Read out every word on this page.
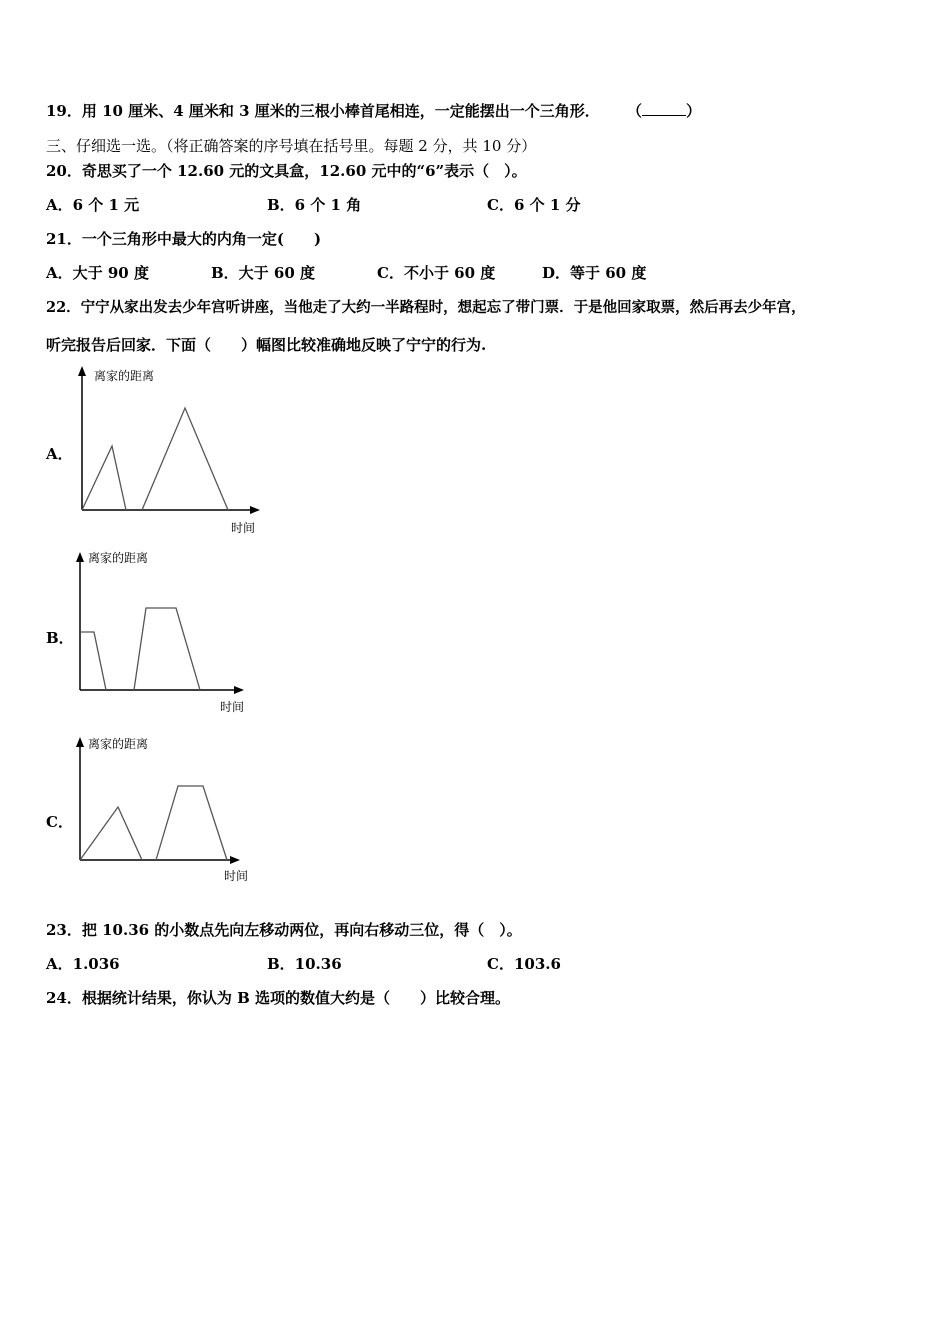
19．用 10 厘米、4 厘米和 3 厘米的三根小棒首尾相连，一定能摆出一个三角形． （	）
三、仔细选一选。（将正确答案的序号填在括号里。每题 2 分，共 10 分）
20．奇思买了一个 12.60 元的文具盒，12.60 元中的“6”表示（　）。
A．6 个 1 元	B．6 个 1 角	C．6 个 1 分
21．一个三角形中最大的内角一定(　　)
A．大于 90 度	B．大于 60 度	C．不小于 60 度	D．等于 60 度
22．宁宁从家出发去少年宫听讲座，当他走了大约一半路程时，想起忘了带门票．于是他回家取票，然后再去少年宫，
听完报告后回家．下面（　　）幅图比较准确地反映了宁宁的行为.
A．
离家的距离
时间
B．
离家的距离
时间
C．
离家的距离
时间
23．把 10.36 的小数点先向左移动两位，再向右移动三位，得（　）。
A．1.036	B．10.36	C．103.6
24．根据统计结果，你认为 B 选项的数值大约是（　　）比较合理。
